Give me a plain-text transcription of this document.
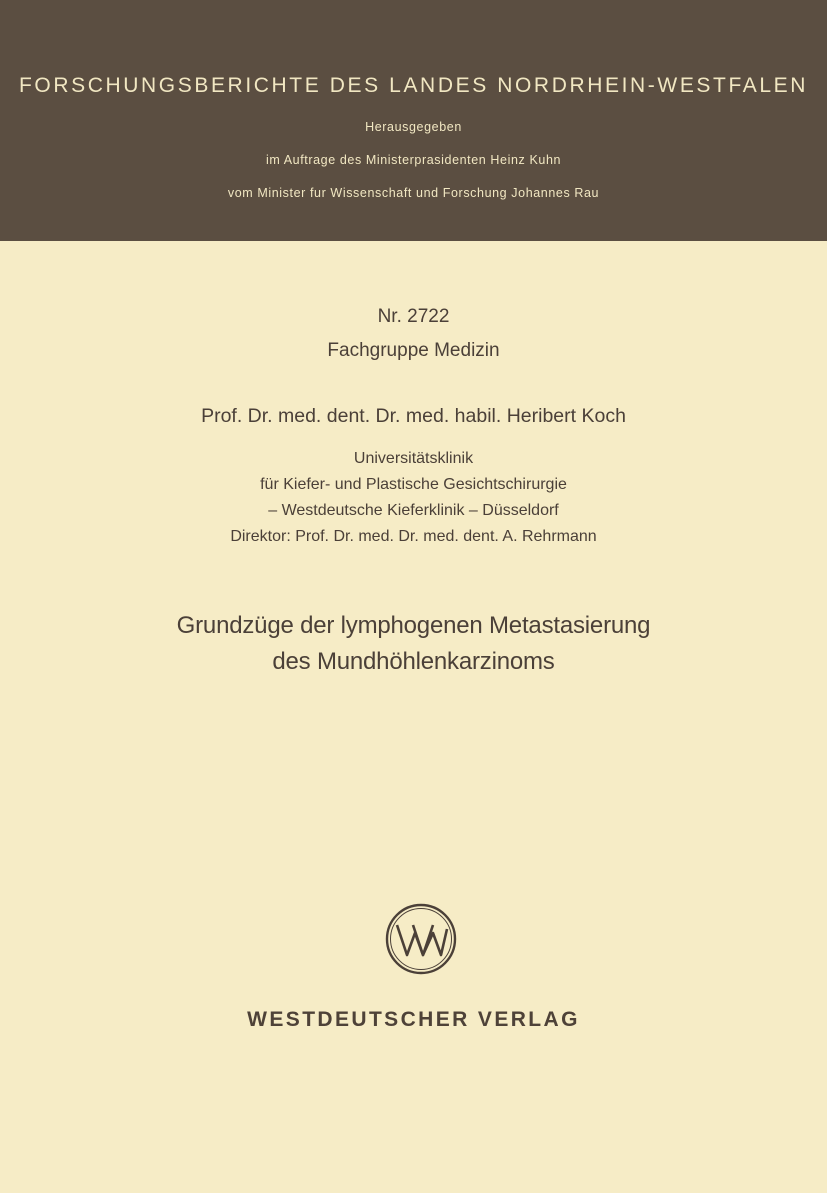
FORSCHUNGSBERICHTE DES LANDES NORDRHEIN-WESTFALEN
Herausgegeben
im Auftrage des Ministerprasidenten Heinz Kuhn
vom Minister fur Wissenschaft und Forschung Johannes Rau
Nr. 2722
Fachgruppe Medizin
Prof. Dr. med. dent. Dr. med. habil. Heribert Koch
Universitätsklinik
für Kiefer- und Plastische Gesichtschirurgie
– Westdeutsche Kieferklinik – Düsseldorf
Direktor: Prof. Dr. med. Dr. med. dent. A. Rehrmann
Grundzüge der lymphogenen Metastasierung
des Mundhöhlenkarzinoms
WESTDEUTSCHER VERLAG
